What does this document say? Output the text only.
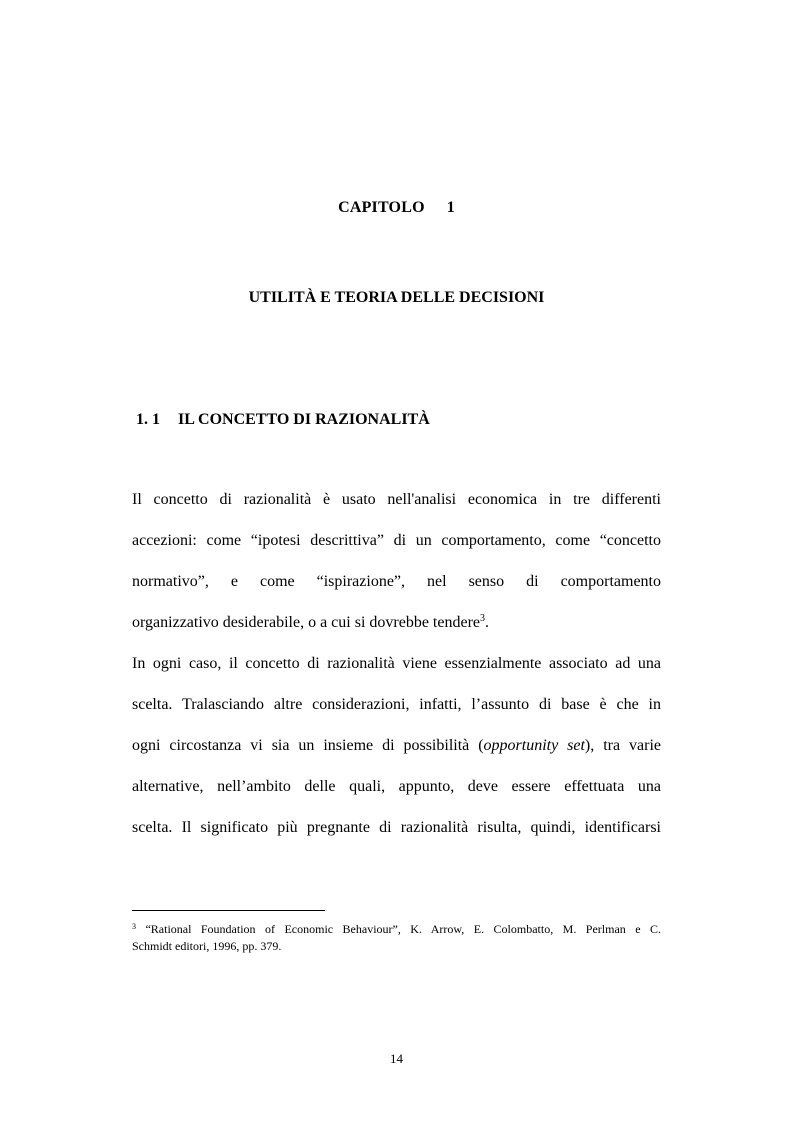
CAPITOLO 1
UTILITÀ E TEORIA DELLE DECISIONI
1. 1 IL CONCETTO DI RAZIONALITÀ
Il concetto di razionalità è usato nell'analisi economica in tre differenti
accezioni: come “ipotesi descrittiva” di un comportamento, come “concetto
normativo”, e come “ispirazione”, nel senso di comportamento
organizzativo desiderabile, o a cui si dovrebbe tendere$^3$.
In ogni caso, il concetto di razionalità viene essenzialmente associato ad una
scelta. Tralasciando altre considerazioni, infatti, l’assunto di base è che in
ogni circostanza vi sia un insieme di possibilità (opportunity set), tra varie
alternative, nell’ambito delle quali, appunto, deve essere effettuata una
scelta. Il significato più pregnante di razionalità risulta, quindi, identificarsi
$^3$ “Rational Foundation of Economic Behaviour”, K. Arrow, E. Colombatto, M. Perlman e C.
Schmidt editori, 1996, pp. 379.
14
